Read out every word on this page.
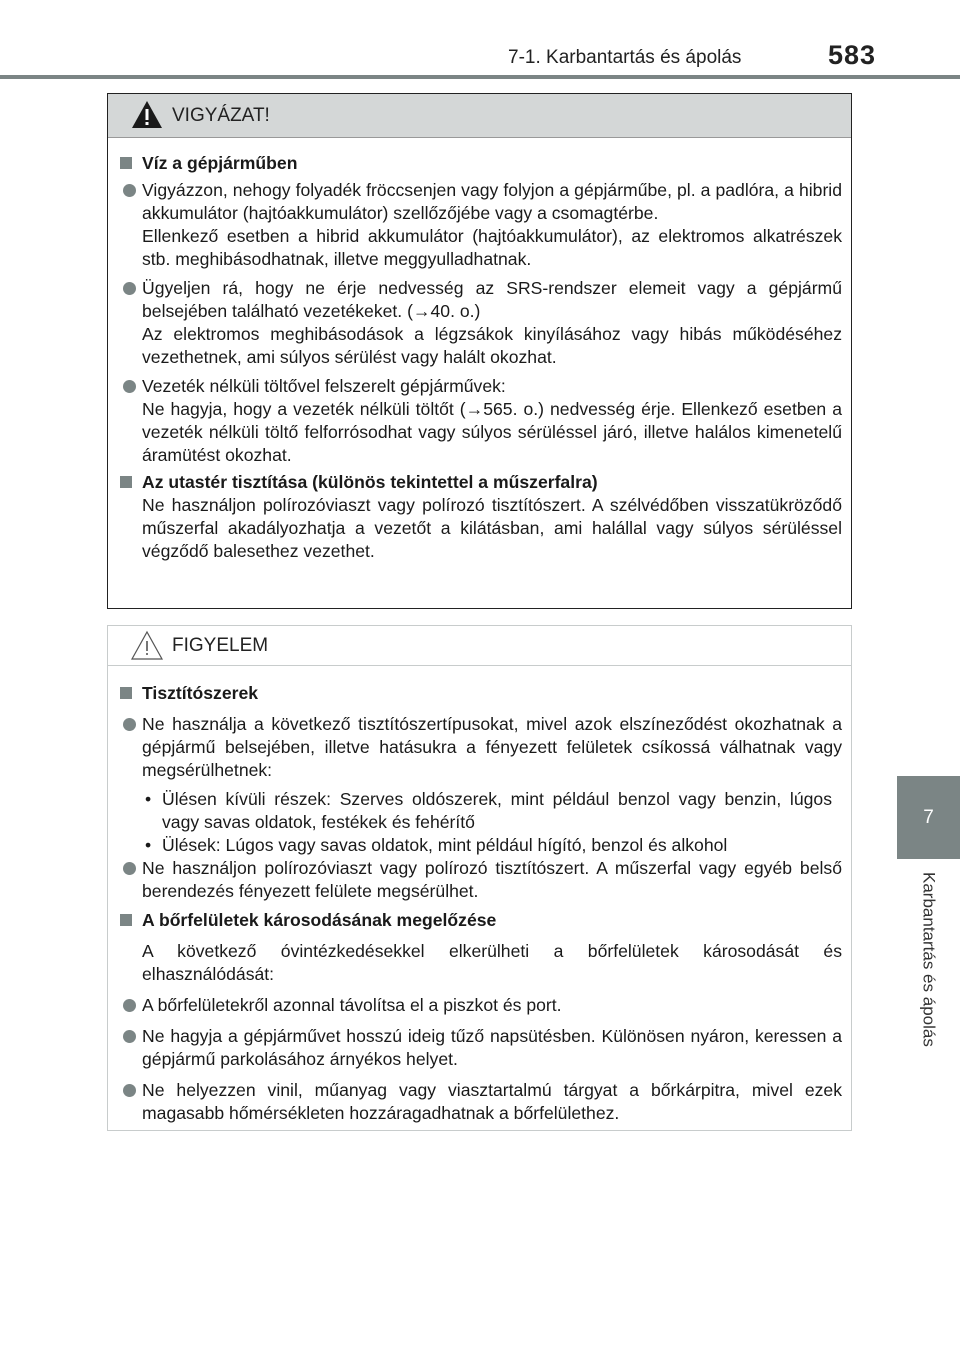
7-1. Karbantartás és ápolás	583
7
Karbantartás és ápolás
VIGYÁZAT!
Víz a gépjárműben

Vigyázzon, nehogy folyadék fröccsenjen vagy folyjon a gépjárműbe, pl. a padlóra, a hibrid akkumulátor (hajtóakkumulátor) szellőzőjébe vagy a csomagtérbe.

Ellenkező esetben a hibrid akkumulátor (hajtóakkumulátor), az elektromos alkatrészek stb. meghibásodhatnak, illetve meggyulladhatnak.

Ügyeljen rá, hogy ne érje nedvesség az SRS-rendszer elemeit vagy a gépjármű belsejében található vezetékeket. (→40. o.)

Az elektromos meghibásodások a légzsákok kinyílásához vagy hibás működéséhez vezethetnek, ami súlyos sérülést vagy halált okozhat.

Vezeték nélküli töltővel felszerelt gépjárművek:

Ne hagyja, hogy a vezeték nélküli töltőt (→565. o.) nedvesség érje. Ellenkező esetben a vezeték nélküli töltő felforrósodhat vagy súlyos sérüléssel járó, illetve halálos kimenetelű áramütést okozhat.

Az utastér tisztítása (különös tekintettel a műszerfalra)
Ne használjon polírozóviaszt vagy polírozó tisztítószert. A szélvédőben visszatükröződő műszerfal akadályozhatja a vezetőt a kilátásban, ami halállal vagy súlyos sérüléssel végződő balesethez vezethet.
FIGYELEM
Tisztítószerek

Ne használja a következő tisztítószertípusokat, mivel azok elszíneződést okozhatnak a gépjármű belsejében, illetve hatásukra a fényezett felületek csíkossá válhatnak vagy megsérülhetnek:

• Ülésen kívüli részek: Szerves oldószerek, mint például benzol vagy benzin, lúgos vagy savas oldatok, festékek és fehérítő

• Ülések: Lúgos vagy savas oldatok, mint például hígító, benzol és alkohol

Ne használjon polírozóviaszt vagy polírozó tisztítószert. A műszerfal vagy egyéb belső berendezés fényezett felülete megsérülhet.

A bőrfelületek károsodásának megelőzése
A következő óvintézkedésekkel elkerülheti a bőrfelületek károsodását és elhasználódását:

A bőrfelületekről azonnal távolítsa el a piszkot és port.

Ne hagyja a gépjárművet hosszú ideig tűző napsütésben. Különösen nyáron, keressen a gépjármű parkolásához árnyékos helyet.

Ne helyezzen vinil, műanyag vagy viasztartalmú tárgyat a bőrkárpitra, mivel ezek magasabb hőmérsékleten hozzáragadhatnak a bőrfelülethez.
